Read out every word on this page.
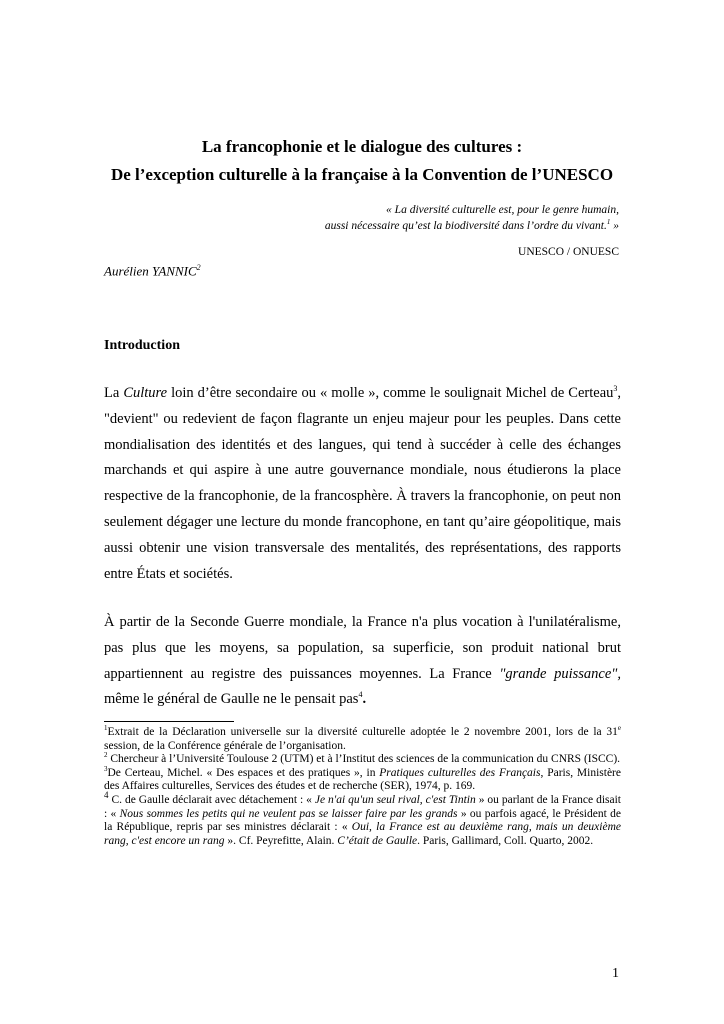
La francophonie et le dialogue des cultures :

De l’exception culturelle à la française à la Convention de l’UNESCO

« La diversité culturelle est, pour le genre humain,

aussi nécessaire qu’est la biodiversité dans l’ordre du vivant.$^1$ »

UNESCO / ONUESC

Aurélien YANNIC$^2$

Introduction

La Culture loin d’être secondaire ou « molle », comme le soulignait Michel de Certeau$^3$, "devient" ou redevient de façon flagrante un enjeu majeur pour les peuples. Dans cette mondialisation des identités et des langues, qui tend à succéder à celle des échanges marchands et qui aspire à une autre gouvernance mondiale, nous étudierons la place respective de la francophonie, de la francosphère. À travers la francophonie, on peut non seulement dégager une lecture du monde francophone, en tant qu’aire géopolitique, mais aussi obtenir une vision transversale des mentalités, des représentations, des rapports entre États et sociétés.

À partir de la Seconde Guerre mondiale, la France n'a plus vocation à l'unilatéralisme, pas plus que les moyens, sa population, sa superficie, son produit national brut appartiennent au registre des puissances moyennes. La France "grande puissance", même le général de Gaulle ne le pensait pas$^4$.

$^1$Extrait de la Déclaration universelle sur la diversité culturelle adoptée le 2 novembre 2001, lors de la 31e session, de la Conférence générale de l’organisation.

$^2$ Chercheur à l’Université Toulouse 2 (UTM) et à l’Institut des sciences de la communication du CNRS (ISCC).

$^3$De Certeau, Michel. « Des espaces et des pratiques », in Pratiques culturelles des Français, Paris, Ministère des Affaires culturelles, Services des études et de recherche (SER), 1974, p. 169.

$^4$ C. de Gaulle déclarait avec détachement : « Je n'ai qu'un seul rival, c'est Tintin » ou parlant de la France disait : « Nous sommes les petits qui ne veulent pas se laisser faire par les grands » ou parfois agacé, le Président de la République, repris par ses ministres déclarait : « Oui, la France est au deuxième rang, mais un deuxième rang, c'est encore un rang ». Cf. Peyrefitte, Alain. C’était de Gaulle. Paris, Gallimard, Coll. Quarto, 2002.

1
